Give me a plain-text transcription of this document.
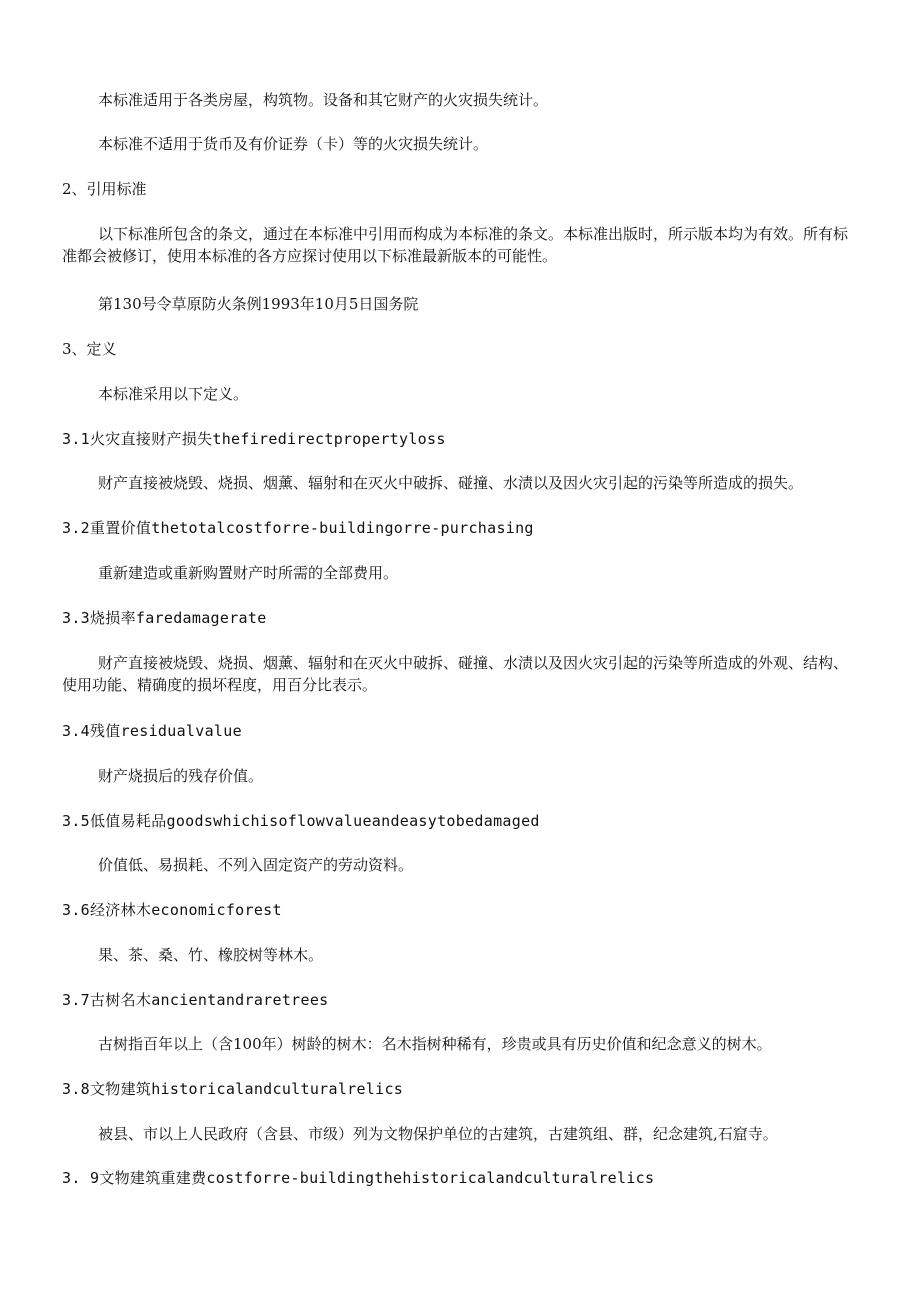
本标准适用于各类房屋，构筑物。设备和其它财产的火灾损失统计。

本标准不适用于货币及有价证券（卡）等的火灾损失统计。

2、引用标准

以下标准所包含的条文，通过在本标准中引用而构成为本标准的条文。本标准出版时，所示版本均为有效。所有标准都会被修订，使用本标准的各方应探讨使用以下标准最新版本的可能性。

第130号令草原防火条例1993年10月5日国务院

3、定义

本标准采用以下定义。

3.1火灾直接财产损失thefiredirectpropertyloss

财产直接被烧毁、烧损、烟薰、辐射和在灭火中破拆、碰撞、水渍以及因火灾引起的污染等所造成的损失。

3.2重置价值thetotalcostforre-buildingorre-purchasing

重新建造或重新购置财产时所需的全部费用。

3.3烧损率faredamagerate

财产直接被烧毁、烧损、烟薰、辐射和在灭火中破拆、碰撞、水渍以及因火灾引起的污染等所造成的外观、结构、使用功能、精确度的损坏程度，用百分比表示。

3.4残值residualvalue

财产烧损后的残存价值。

3.5低值易耗品goodswhichisoflowvalueandeasytobedamaged

价值低、易损耗、不列入固定资产的劳动资料。

3.6经济林木economicforest

果、茶、桑、竹、橡胶树等林木。

3.7古树名木ancientandraretrees

古树指百年以上（含100年）树龄的树木：名木指树种稀有，珍贵或具有历史价值和纪念意义的树木。

3.8文物建筑historicalandculturalrelics

被县、市以上人民政府（含县、市级）列为文物保护单位的古建筑，古建筑组、群，纪念建筑,石窟寺。

3. 9文物建筑重建费costforre-buildingthehistoricalandculturalrelics
